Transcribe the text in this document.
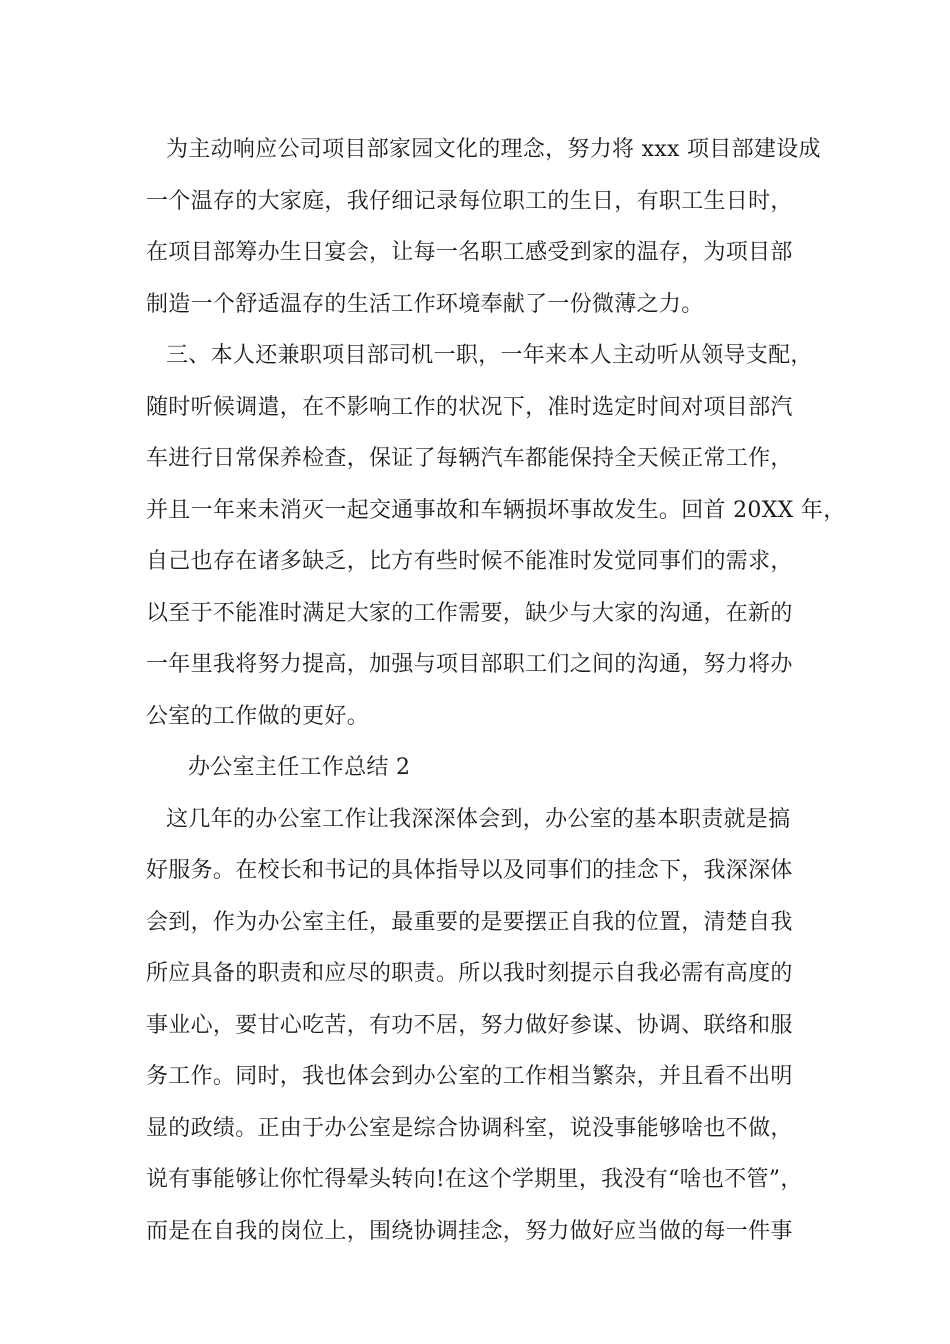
为主动响应公司项目部家园文化的理念，努力将 xxx 项目部建设成
一个温存的大家庭，我仔细记录每位职工的生日，有职工生日时，
在项目部筹办生日宴会，让每一名职工感受到家的温存，为项目部
制造一个舒适温存的生活工作环境奉献了一份微薄之力。
三、本人还兼职项目部司机一职，一年来本人主动听从领导支配，
随时听候调遣，在不影响工作的状况下，准时选定时间对项目部汽
车进行日常保养检查，保证了每辆汽车都能保持全天候正常工作，
并且一年来未消灭一起交通事故和车辆损坏事故发生。回首 20XX 年，
自己也存在诸多缺乏，比方有些时候不能准时发觉同事们的需求，
以至于不能准时满足大家的工作需要，缺少与大家的沟通，在新的
一年里我将努力提高，加强与项目部职工们之间的沟通，努力将办
公室的工作做的更好。
办公室主任工作总结 2
这几年的办公室工作让我深深体会到，办公室的基本职责就是搞
好服务。在校长和书记的具体指导以及同事们的挂念下，我深深体
会到，作为办公室主任，最重要的是要摆正自我的位置，清楚自我
所应具备的职责和应尽的职责。所以我时刻提示自我必需有高度的
事业心，要甘心吃苦，有功不居，努力做好参谋、协调、联络和服
务工作。同时，我也体会到办公室的工作相当繁杂，并且看不出明
显的政绩。正由于办公室是综合协调科室，说没事能够啥也不做，
说有事能够让你忙得晕头转向!在这个学期里，我没有“啥也不管”，
而是在自我的岗位上，围绕协调挂念，努力做好应当做的每一件事
